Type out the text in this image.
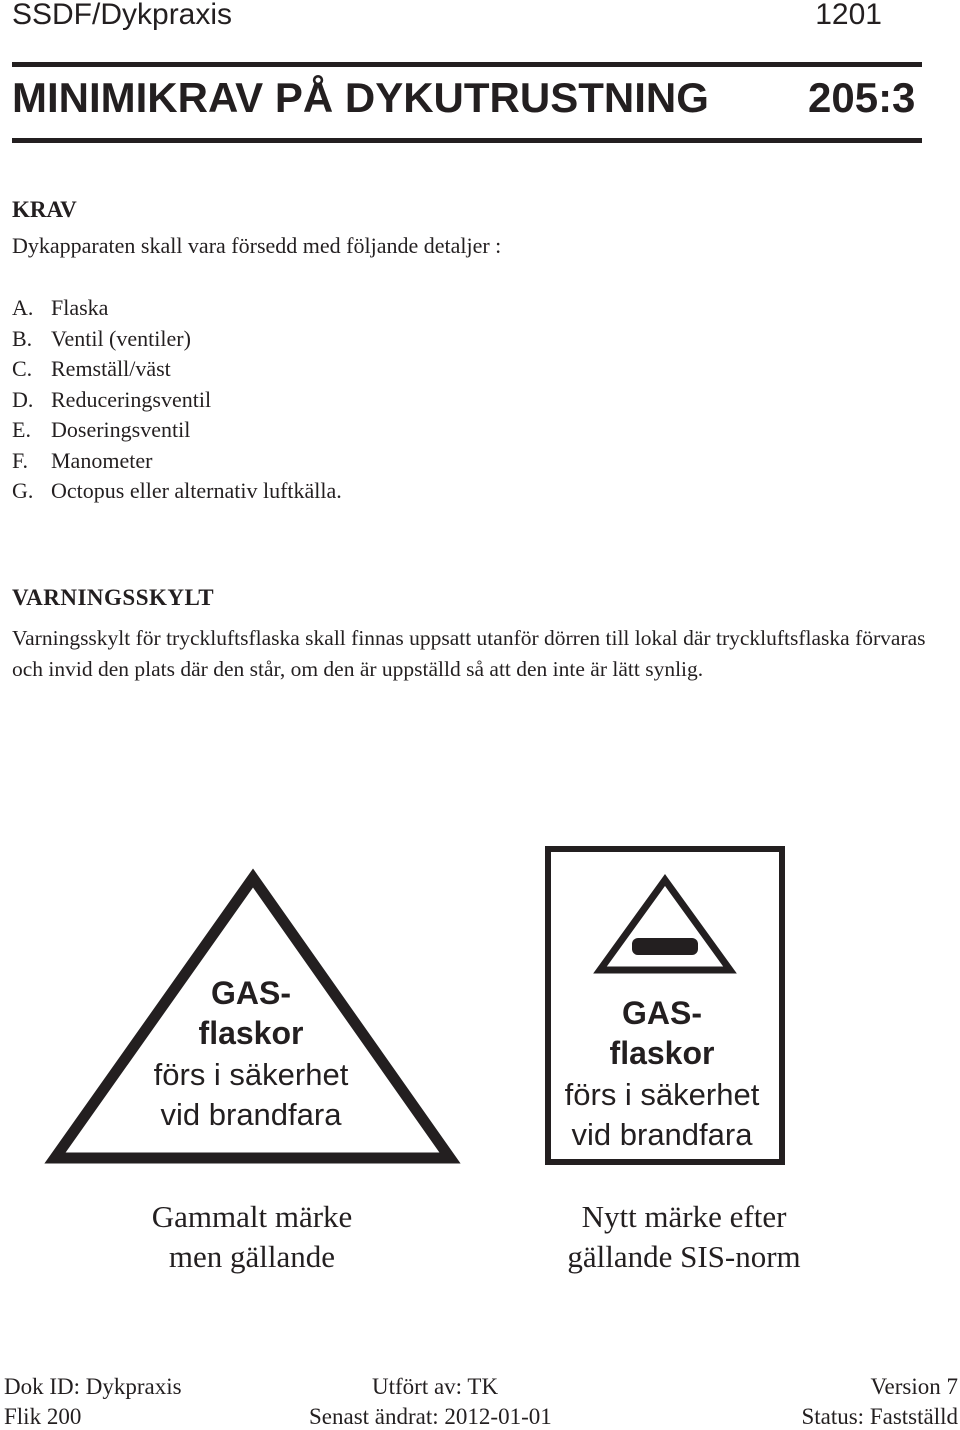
SSDF/Dykpraxis	1201
MINIMIKRAV PÅ DYKUTRUSTNING 205:3
KRAV
Dykapparaten skall vara försedd med följande detaljer :
A. Flaska
B. Ventil (ventiler)
C. Remställ/väst
D. Reduceringsventil
E. Doseringsventil
F. Manometer
G. Octopus eller alternativ luftkälla.
VARNINGSSKYLT
Varningsskylt för tryckluftsflaska skall finnas uppsatt utanför dörren till lokal där tryckluftsflaska förvaras och invid den plats där den står, om den är uppställd så att den inte är lätt synlig.
GAS-
flaskor
förs i säkerhet
vid brandfara
GAS-
flaskor
förs i säkerhet
vid brandfara
Gammalt märke
men gällande
Nytt märke efter
gällande SIS-norm
Dok ID: Dykpraxis
Flik 200
Utfört av: TK
Senast ändrat: 2012-01-01
Version 7
Status: Fastställd
